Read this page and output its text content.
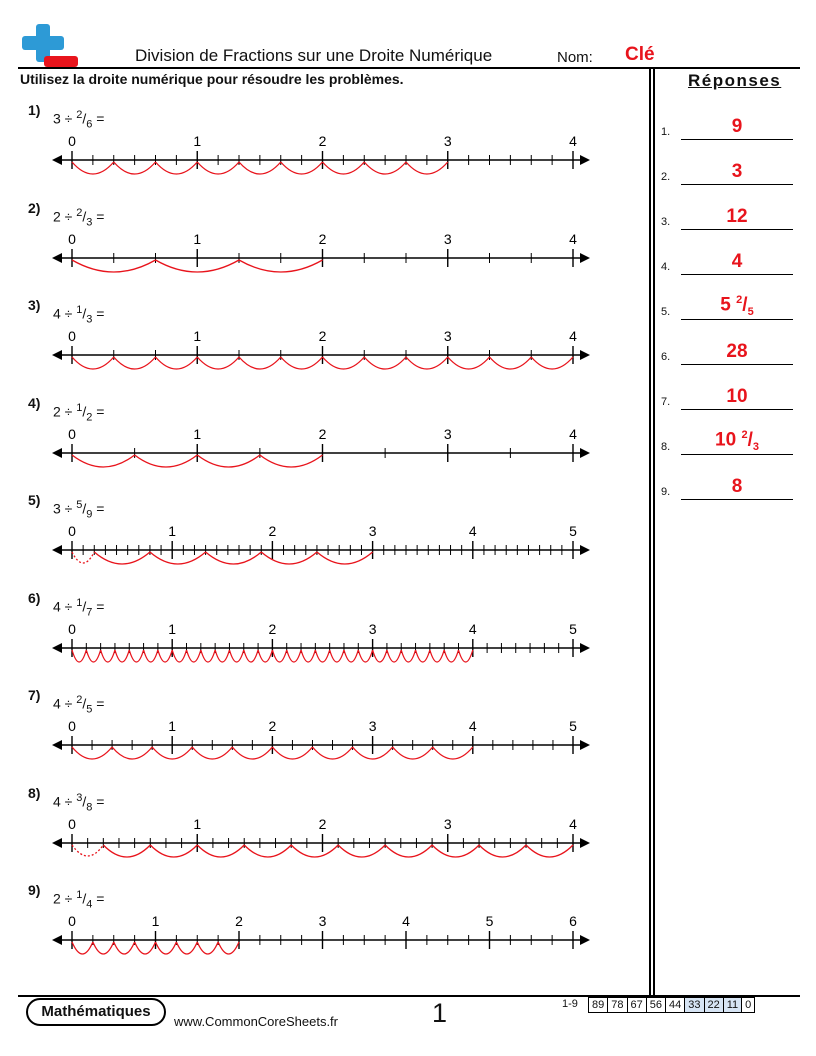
Division de Fractions sur une Droite Numérique	Nom: Clé
Utilisez la droite numérique pour résoudre les problèmes.	Réponses
1.	9
2.	3
3.	12
4.	4
5.	5 $^2/_5$
6.	28
7.	10
8.	10 $^2/_3$
9.	8
1)
$3 \div ^2/_6$ =
0	1	2	3	4
2)
$2 \div ^2/_3$ =
0	1	2	3	4
3)
$4 \div ^1/_3$ =
0	1	2	3	4
4)
$2 \div ^1/_2$ =
0	1	2	3	4
5)
$3 \div ^5/_9$ =
0	1	2	3	4	5
6)
$4 \div ^1/_7$ =
0	1	2	3	4	5
7)
$4 \div ^2/_5$ =
0	1	2	3	4	5
8)
$4 \div ^3/_8$ =
0	1	2	3	4
9)
$2 \div ^1/_4$ =
0	1	2	3	4	5	6
Mathématiques
www.CommonCoreSheets.fr	1	1-9 89	78	67	56	44	33	22	11	0
